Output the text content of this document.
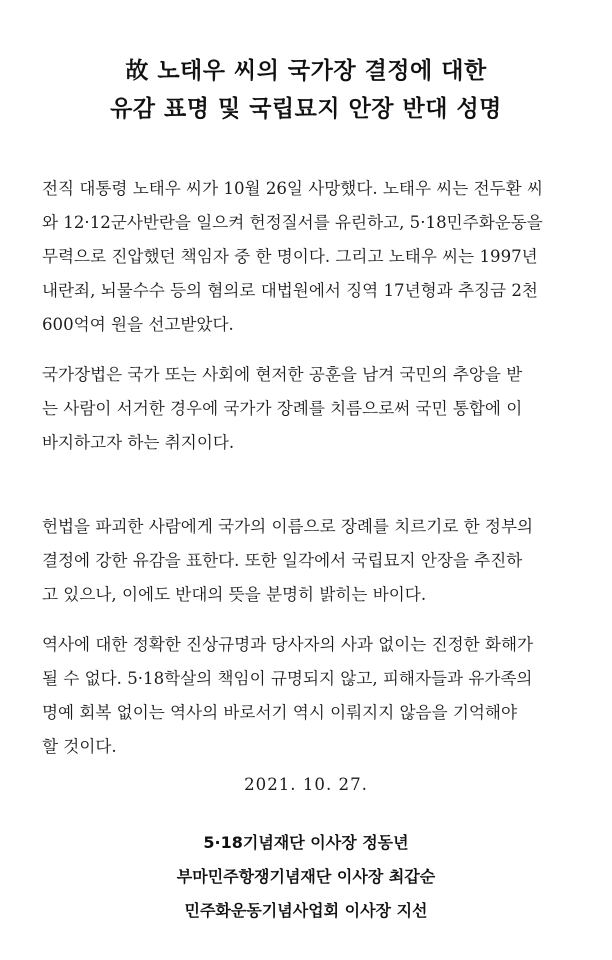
故 노태우 씨의 국가장 결정에 대한
유감 표명 및 국립묘지 안장 반대 성명
전직 대통령 노태우 씨가 10월 26일 사망했다. 노태우 씨는 전두환 씨
와 12·12군사반란을 일으켜 헌정질서를 유린하고, 5·18민주화운동을
무력으로 진압했던 책임자 중 한 명이다. 그리고 노태우 씨는 1997년
내란죄, 뇌물수수 등의 혐의로 대법원에서 징역 17년형과 추징금 2천
600억여 원을 선고받았다.
국가장법은 국가 또는 사회에 현저한 공훈을 남겨 국민의 추앙을 받
는 사람이 서거한 경우에 국가가 장례를 치름으로써 국민 통합에 이
바지하고자 하는 취지이다.
헌법을 파괴한 사람에게 국가의 이름으로 장례를 치르기로 한 정부의
결정에 강한 유감을 표한다. 또한 일각에서 국립묘지 안장을 추진하
고 있으나, 이에도 반대의 뜻을 분명히 밝히는 바이다.
역사에 대한 정확한 진상규명과 당사자의 사과 없이는 진정한 화해가
될 수 없다. 5·18학살의 책임이 규명되지 않고, 피해자들과 유가족의
명예 회복 없이는 역사의 바로서기 역시 이뤄지지 않음을 기억해야
할 것이다.
2021. 10. 27.
5·18기념재단 이사장 정동년
부마민주항쟁기념재단 이사장 최갑순
민주화운동기념사업회 이사장 지선
